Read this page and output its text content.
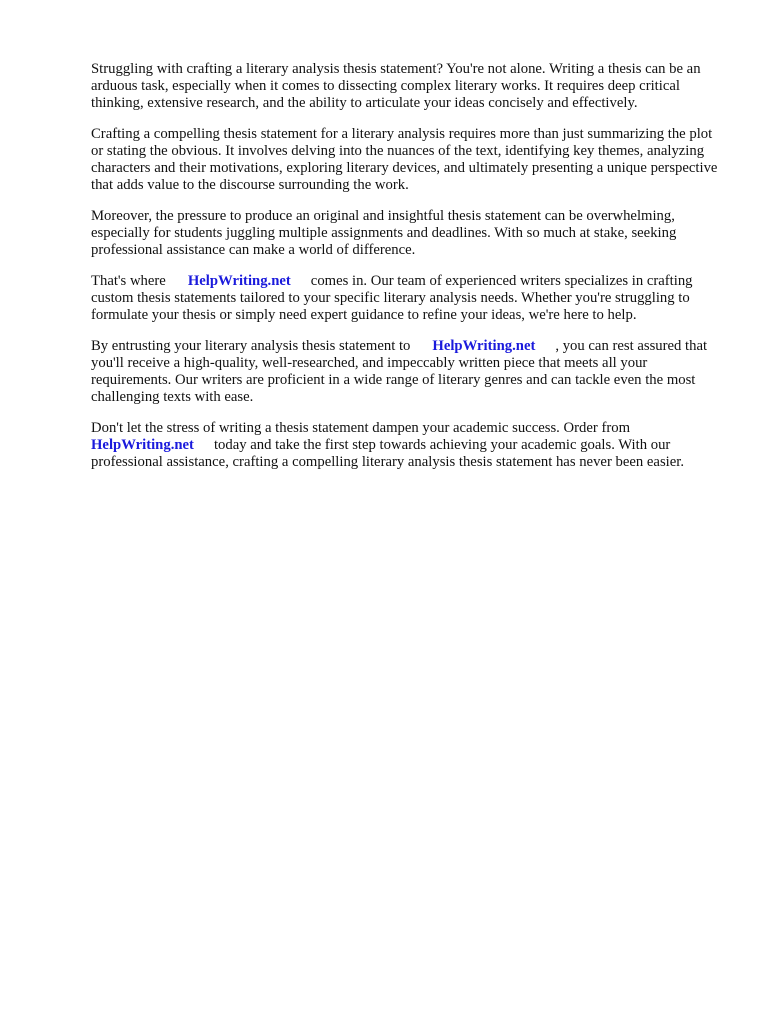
Struggling with crafting a literary analysis thesis statement? You're not alone. Writing a thesis can be an arduous task, especially when it comes to dissecting complex literary works. It requires deep critical thinking, extensive research, and the ability to articulate your ideas concisely and effectively.

Crafting a compelling thesis statement for a literary analysis requires more than just summarizing the plot or stating the obvious. It involves delving into the nuances of the text, identifying key themes, analyzing characters and their motivations, exploring literary devices, and ultimately presenting a unique perspective that adds value to the discourse surrounding the work.

Moreover, the pressure to produce an original and insightful thesis statement can be overwhelming, especially for students juggling multiple assignments and deadlines. With so much at stake, seeking professional assistance can make a world of difference.

That's where HelpWriting.net comes in. Our team of experienced writers specializes in crafting custom thesis statements tailored to your specific literary analysis needs. Whether you're struggling to formulate your thesis or simply need expert guidance to refine your ideas, we're here to help.

By entrusting your literary analysis thesis statement to HelpWriting.net , you can rest assured that you'll receive a high-quality, well-researched, and impeccably written piece that meets all your requirements. Our writers are proficient in a wide range of literary genres and can tackle even the most challenging texts with ease.

Don't let the stress of writing a thesis statement dampen your academic success. Order from HelpWriting.net today and take the first step towards achieving your academic goals. With our professional assistance, crafting a compelling literary analysis thesis statement has never been easier.
